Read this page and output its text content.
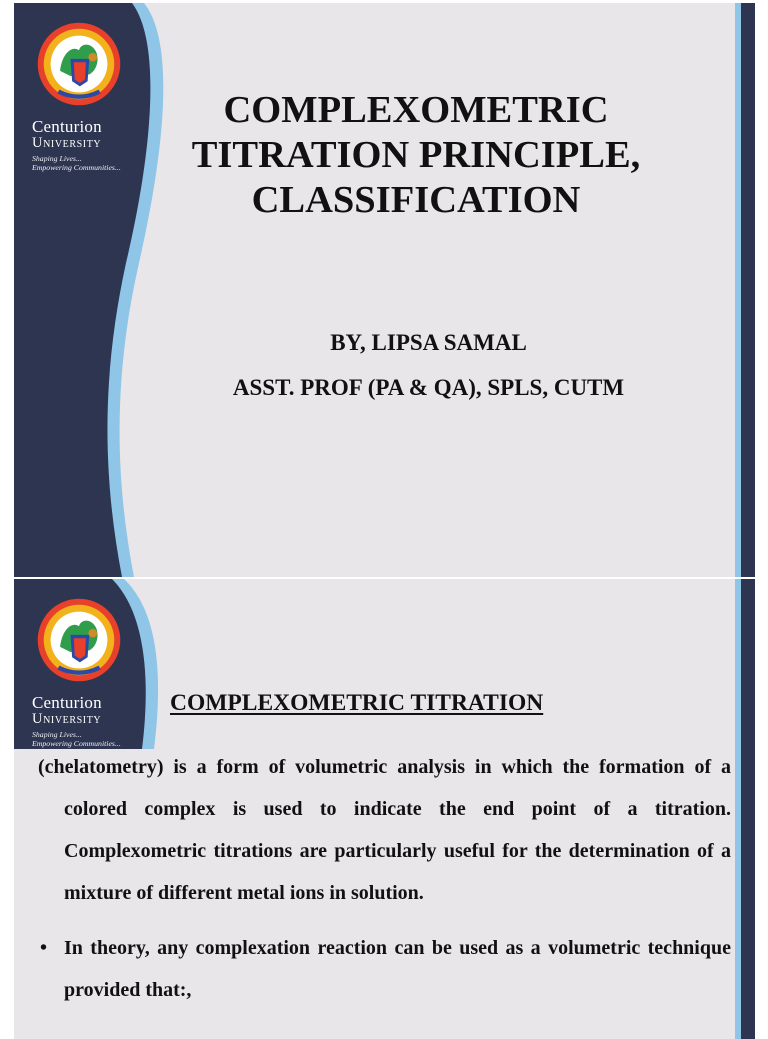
Centurion
University
Shaping Lives...
Empowering Communities...
COMPLEXOMETRIC
TITRATION PRINCIPLE,
CLASSIFICATION
BY, LIPSA SAMAL
ASST. PROF (PA & QA), SPLS, CUTM
Centurion
University
Shaping Lives...
Empowering Communities...
COMPLEXOMETRIC TITRATION

(chelatometry) is a form of volumetric analysis in which the formation of a colored complex is used to indicate the end point of a titration. Complexometric titrations are particularly useful for the determination of a mixture of different metal ions in solution.

• In theory, any complexation reaction can be used as a volumetric technique provided that:,
